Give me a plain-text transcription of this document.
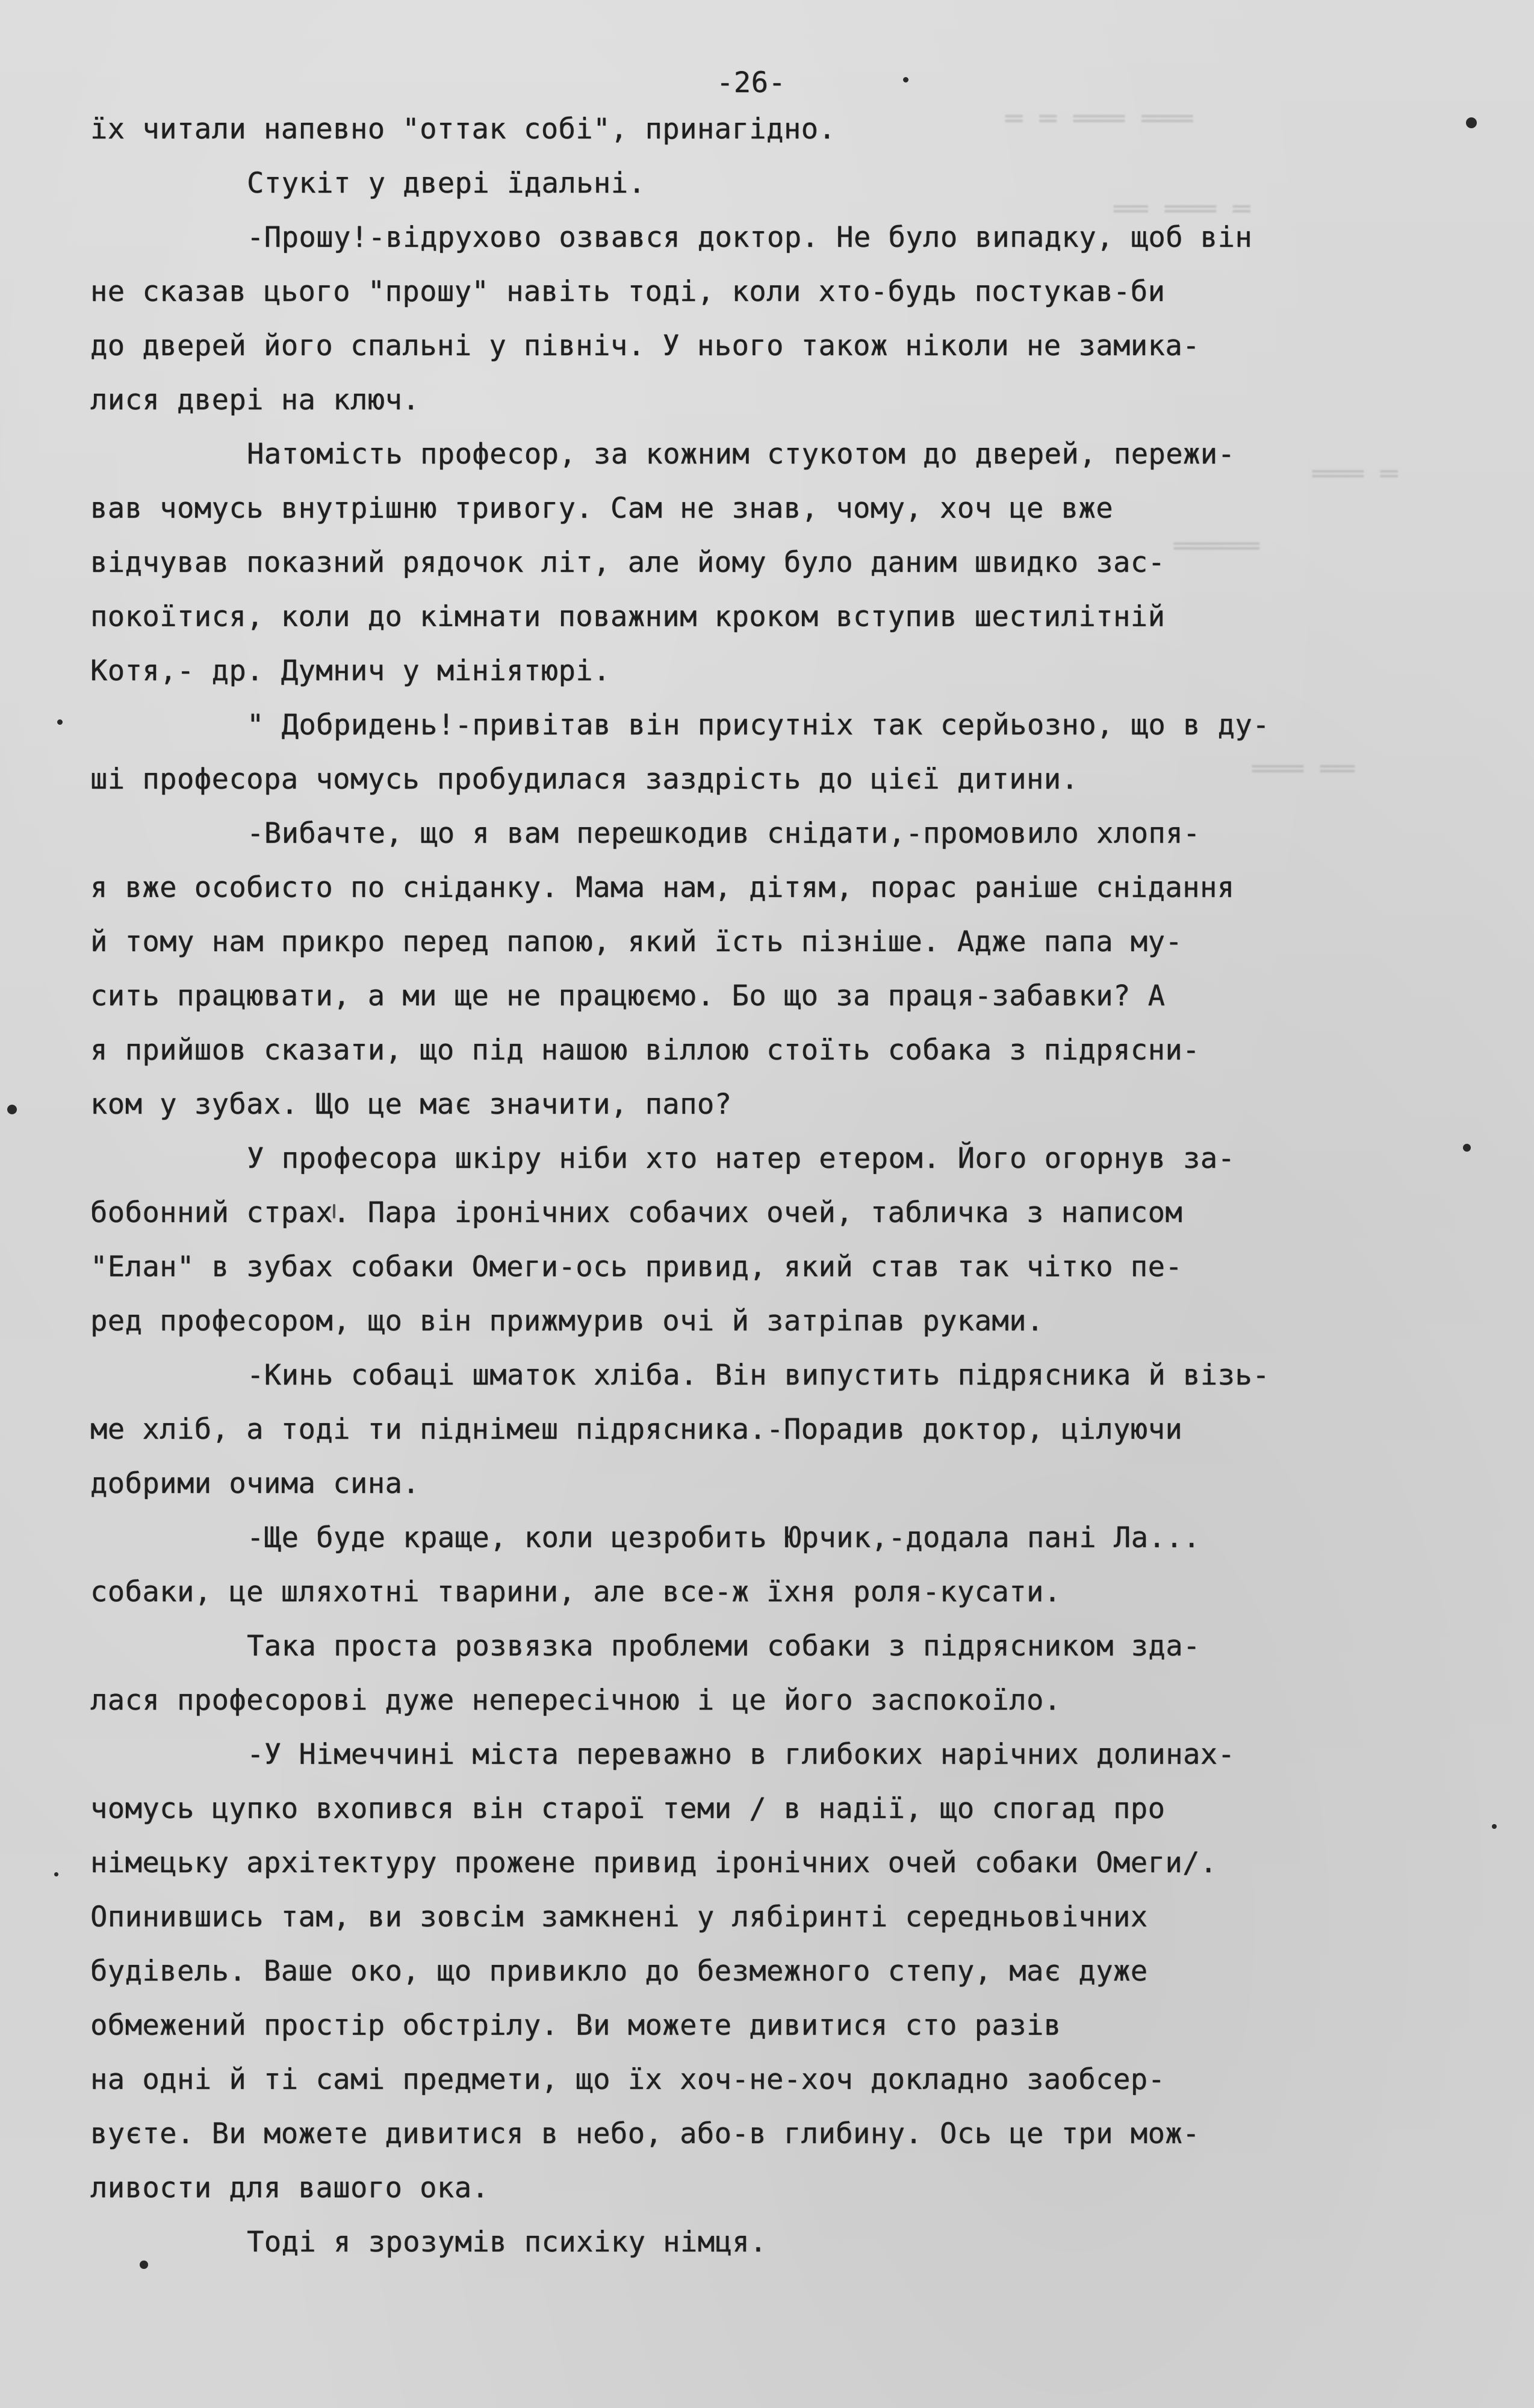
═ ═ ═══ ═══
══ ═══ ═
═══ ═
═════
═══ ══
-26-
їх читали напевно "оттак собі", принагідно.
Стукіт у двері їдальні.
-Прошу!-відрухово озвався доктор. Не було випадку, щоб він
не сказав цього "прошу" навіть тоді, коли хто-будь постукав-би
до дверей його спальні у північ. У нього також ніколи не замика-
лися двері на ключ.
Натомість професор, за кожним стукотом до дверей, пережи-
вав чомусь внутрішню тривогу. Сам не знав, чому, хоч це вже
відчував показний рядочок літ, але йому було даним швидко зас-
покоїтися, коли до кімнати поважним кроком вступив шестилітній
Котя,- др. Думнич у мініятюрі.
" Добридень!-привітав він присутніх так серйьозно, що в ду-
ші професора чомусь пробудилася заздрість до цієї дитини.
-Вибачте, що я вам перешкодив снідати,-промовило хлопя-
я вже особисто по сніданку. Мама нам, дітям, порас раніше снідання
й тому нам прикро перед папою, який їсть пізніше. Адже папа му-
сить працювати, а ми ще не працюємо. Бо що за праця-забавки? А
я прийшов сказати, що під нашою віллою стоїть собака з підрясни-
ком у зубах. Що це має значити, папо?
У професора шкіру ніби хто натер етером. Його огорнув за-
бобонний страх. Пара іронічних собачих очей, табличка з написом
"Елан" в зубах собаки Омеги-ось привид, який став так чітко пе-
ред професором, що він прижмурив очі й затріпав руками.
-Кинь собаці шматок хліба. Він випустить підрясника й візь-
ме хліб, а тоді ти піднімеш підрясника.-Порадив доктор, цілуючи
добрими очима сина.
-Ще буде краще, коли цезробить Юрчик,-додала пані Ла...
собаки, це шляхотні тварини, але все-ж їхня роля-кусати.
Така проста розвязка проблеми собаки з підрясником зда-
лася професорові дуже непересічною і це його заспокоїло.
-У Німеччині міста переважно в глибоких нарічних долинах-
чомусь цупко вхопився він старої теми / в надії, що спогад про
німецьку архітектуру прожене привид іронічних очей собаки Омеги/.
Опинившись там, ви зовсім замкнені у лябіринті середньовічних
будівель. Ваше око, що привикло до безмежного степу, має дуже
обмежений простір обстрілу. Ви можете дивитися сто разів
на одні й ті самі предмети, що їх хоч-не-хоч докладно заобсер-
вуєте. Ви можете дивитися в небо, або-в глибину. Ось це три мож-
ливости для вашого ока.
Тоді я зрозумів психіку німця.
